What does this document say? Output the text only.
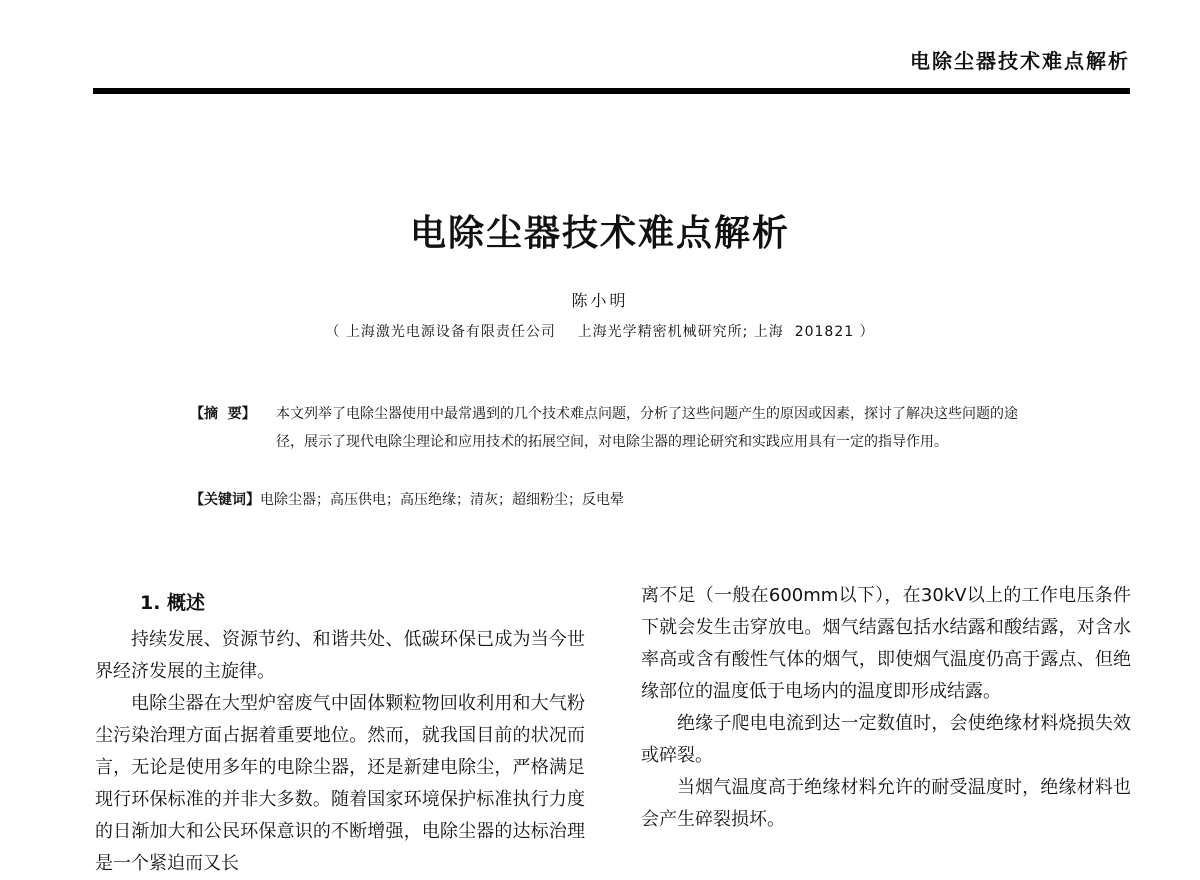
电除尘器技术难点解析
电除尘器技术难点解析
陈小明
（ 上海激光电源设备有限责任公司    上海光学精密机械研究所; 上海  201821 ）
【摘  要】 本文列举了电除尘器使用中最常遇到的几个技术难点问题，分析了这些问题产生的原因或因素，探讨了解决这些问题的途径，展示了现代电除尘理论和应用技术的拓展空间，对电除尘器的理论研究和实践应用具有一定的指导作用。
【关键词】电除尘器；高压供电；高压绝缘；清灰；超细粉尘；反电晕
1. 概述

持续发展、资源节约、和谐共处、低碳环保已成为当今世界经济发展的主旋律。

电除尘器在大型炉窑废气中固体颗粒物回收利用和大气粉尘污染治理方面占据着重要地位。然而，就我国目前的状况而言，无论是使用多年的电除尘器，还是新建电除尘，严格满足现行环保标准的并非大多数。随着国家环境保护标准执行力度的日渐加大和公民环保意识的不断增强，电除尘器的达标治理是一个紧迫而又长

离不足（一般在600mm以下），在30kV以上的工作电压条件下就会发生击穿放电。烟气结露包括水结露和酸结露，对含水率高或含有酸性气体的烟气，即使烟气温度仍高于露点、但绝缘部位的温度低于电场内的温度即形成结露。

绝缘子爬电电流到达一定数值时，会使绝缘材料烧损失效或碎裂。

当烟气温度高于绝缘材料允许的耐受温度时，绝缘材料也会产生碎裂损坏。
